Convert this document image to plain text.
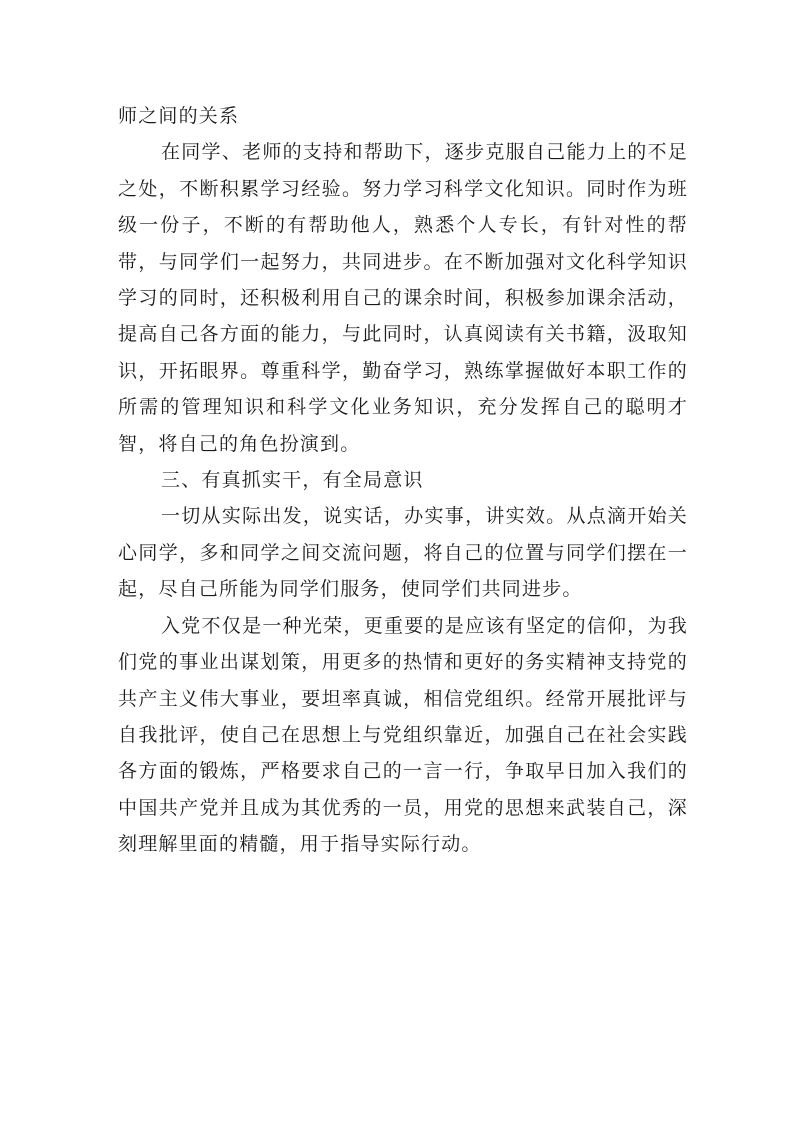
师之间的关系

在同学、老师的支持和帮助下，逐步克服自己能力上的不足之处，不断积累学习经验。努力学习科学文化知识。同时作为班级一份子，不断的有帮助他人，熟悉个人专长，有针对性的帮带，与同学们一起努力，共同进步。在不断加强对文化科学知识学习的同时，还积极利用自己的课余时间，积极参加课余活动，提高自己各方面的能力，与此同时，认真阅读有关书籍，汲取知识，开拓眼界。尊重科学，勤奋学习，熟练掌握做好本职工作的所需的管理知识和科学文化业务知识，充分发挥自己的聪明才智，将自己的角色扮演到。

三、有真抓实干，有全局意识

一切从实际出发，说实话，办实事，讲实效。从点滴开始关心同学，多和同学之间交流问题，将自己的位置与同学们摆在一起，尽自己所能为同学们服务，使同学们共同进步。

入党不仅是一种光荣，更重要的是应该有坚定的信仰，为我们党的事业出谋划策，用更多的热情和更好的务实精神支持党的共产主义伟大事业，要坦率真诚，相信党组织。经常开展批评与自我批评，使自己在思想上与党组织靠近，加强自己在社会实践各方面的锻炼，严格要求自己的一言一行，争取早日加入我们的中国共产党并且成为其优秀的一员，用党的思想来武装自己，深刻理解里面的精髓，用于指导实际行动。
